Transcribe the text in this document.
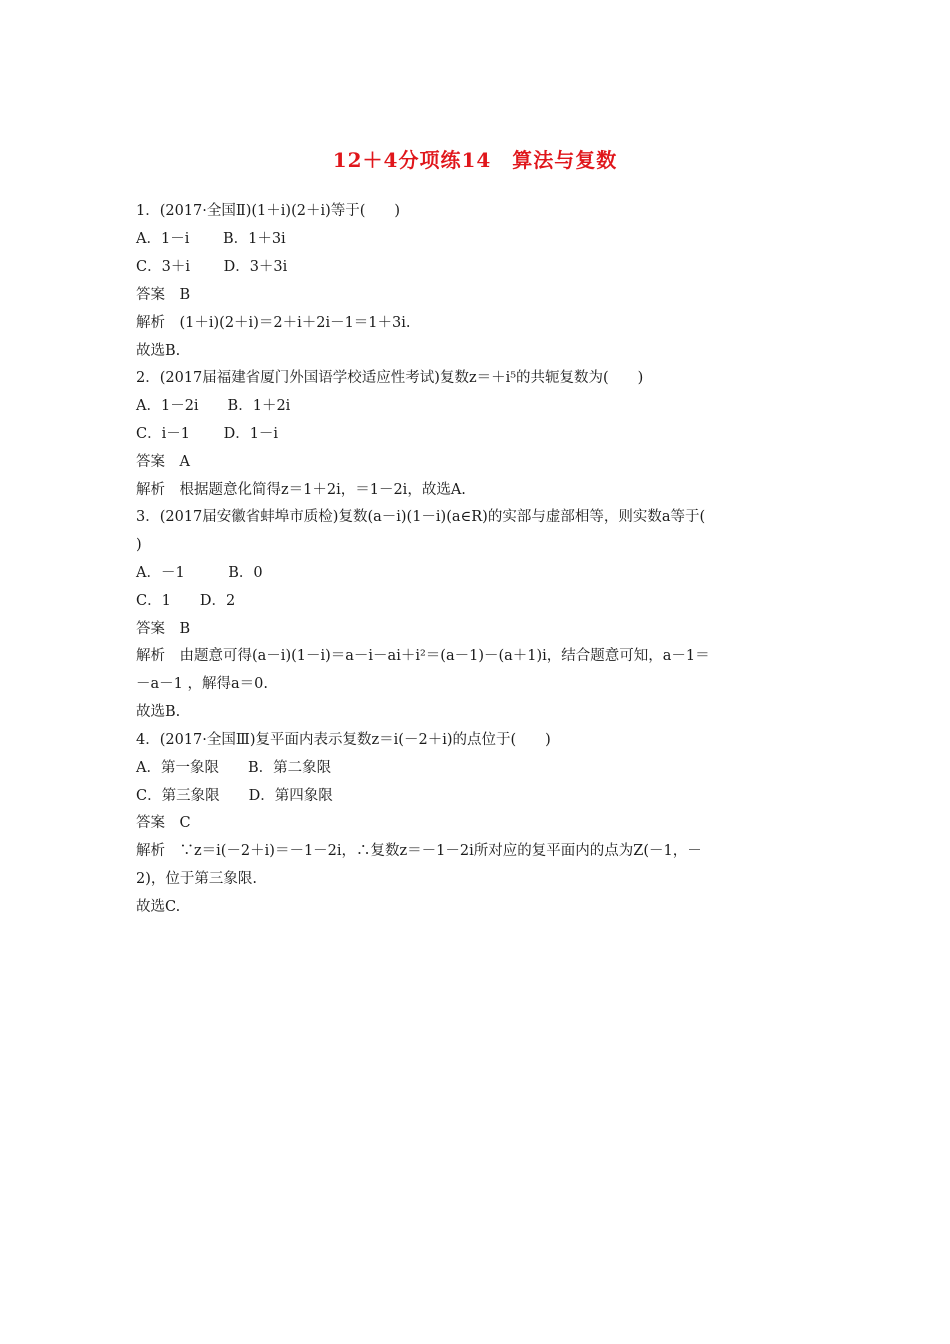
12＋4分项练14　算法与复数
1．(2017·全国Ⅱ)(1＋i)(2＋i)等于(　　)
A．1－i　　 B．1＋3i
C．3＋i　　 D．3＋3i
答案　B
解析　(1＋i)(2＋i)＝2＋i＋2i－1＝1＋3i.
故选B.
2．(2017届福建省厦门外国语学校适应性考试)复数z＝＋i⁵的共轭复数为(　　)
A．1－2i　　B．1＋2i
C．i－1　　 D．1－i
答案　A
解析　根据题意化简得z＝1＋2i，＝1－2i，故选A.
3．(2017届安徽省蚌埠市质检)复数(a－i)(1－i)(a∈R)的实部与虚部相等，则实数a等于(
)
A．－1　　　B．0
C．1　　D．2
答案　B
解析　由题意可得(a－i)(1－i)＝a－i－ai＋i²＝(a－1)－(a＋1)i，结合题意可知，a－1＝
－a－1 ，解得a＝0.
故选B.
4．(2017·全国Ⅲ)复平面内表示复数z＝i(－2＋i)的点位于(　　)
A．第一象限　　B．第二象限
C．第三象限　　D．第四象限
答案　C
解析　∵z＝i(－2＋i)＝－1－2i，∴复数z＝－1－2i所对应的复平面内的点为Z(－1，－
2)，位于第三象限.
故选C.
